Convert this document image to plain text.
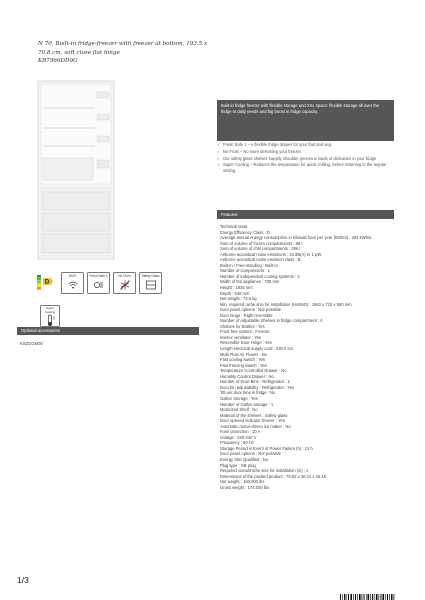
N 70, Built-in fridge-freezer with freezer at bottom, 193.5 x
70.8 cm, soft close flat hinge
KB7966DD0G
Built-in fridge freezer with flexible storage and XXL space: flexible storage all over the fridge to daily needs and big boost in fridge capacity.
✓ Home Connect – Add your smart fridge to your home network and stay connected to your kitchen.
✓ Fresh Safe 1 – A flexible fridge drawer for your fruit and veg.
✓ No Frost – No more defrosting your freezer.
✓ Our safety glass shelves happily shoulder generous loads of delicacies in your fridge
✓ Super Cooling – Reduces the temperature for quick chilling, before returning to the regular setting.
Features
Technical Data
Energy Efficiency Class : D
Average annual energy consumption in kilowatt hour per year (kWh/a) : 204 kWh/a
Sum of volume of frozen compartments : 98 l
Sum of volume of chill compartments : 286 l
Airborne acoustical noise emissions : 33 dB(A) re 1 pW
Airborne acoustical noise emission class : B
Built-in / Free-standing : Built-in
Number of compressors : 1
Number of independent cooling systems : 2
Width of the appliance : 708 mm
Height : 1935 mm
Depth : 548 mm
Net weight : 72.8 kg
Min. required niche size for installation (HxWxD) : 1940 x 710 x 560 mm
Door panel options : Not possible
Door hinge : Right reversible
Number of Adjustable Shelves in fridge compartment : 4
Shelves for Bottles : Yes
Frost free system : Freezer
Interior ventilator : Yes
Reversible Door Hinge : Yes
Length electrical supply cord : 230.0 cm
Multi Flow Air Flower : No
Fast cooling switch : Yes
Fast freezing switch : Yes
Temperature Controlled Drawer : No
Humidity Control Drawer : No
Number of Door Bins - Refrigerator : 1
Door bin adjustability - Refrigerator : Yes
Tilt-out door bins in fridge : No
Gallon Storage : Yes
Number of Gallon storage : 1
Motorized Shelf : No
Material of the shelves : Safety glass
Door opened indicator freezer : Yes
Automatic motor-driven ice maker : No
Fuse protection : 10 A
Voltage : 220-240 V
Frequency : 50 Hz
Storage Period in Event of Power Failure (h) : 13 h
Door panel options : Not possible
Energy Star Qualified : No
Plug type : GB plug
Required cutout/niche size for installation (in) : x
Dimensions of the packed product : 79.52 x 30.31 x 25.16
Net weight : 160.000 lbs
Gross weight : 174.000 lbs
D
Wi-Fi	Fresh Safe 1	No Frost	Safety Glass
Super Cooling
Optional accessories
KSZGGM00
1/3
